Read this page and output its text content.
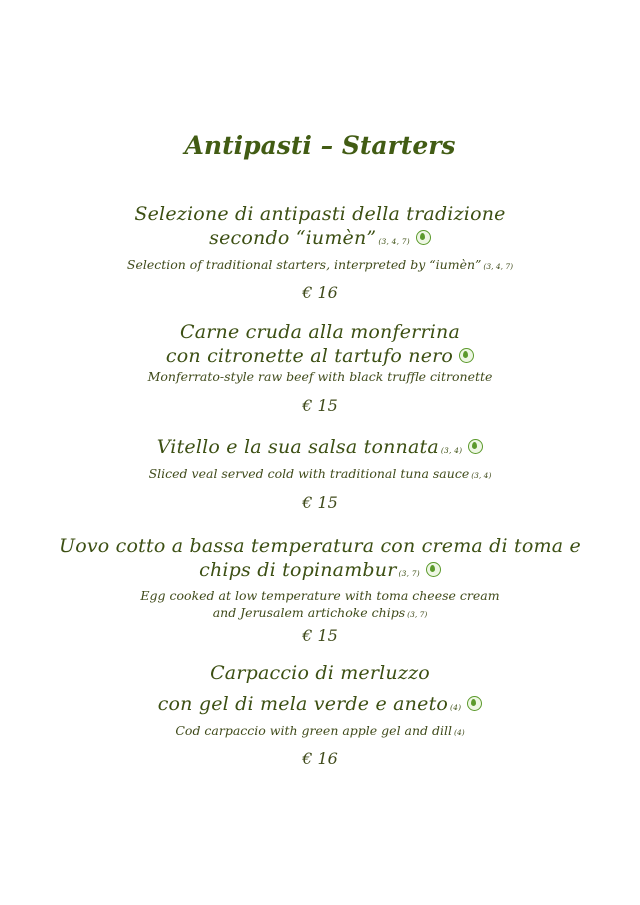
Antipasti – Starters
Selezione di antipasti della tradizione
secondo “iumèn” (3, 4, 7)
Selection of traditional starters, interpreted by “iumèn” (3, 4, 7)
€ 16
Carne cruda alla monferrina
con citronette al tartufo nero
Monferrato-style raw beef with black truffle citronette
€ 15
Vitello e la sua salsa tonnata (3, 4)
Sliced veal served cold with traditional tuna sauce (3, 4)
€ 15
Uovo cotto a bassa temperatura con crema di toma e
chips di topinambur (3, 7)
Egg cooked at low temperature with toma cheese cream
and Jerusalem artichoke chips (3, 7)
€ 15
Carpaccio di merluzzo
con gel di mela verde e aneto (4)
Cod carpaccio with green apple gel and dill (4)
€ 16
